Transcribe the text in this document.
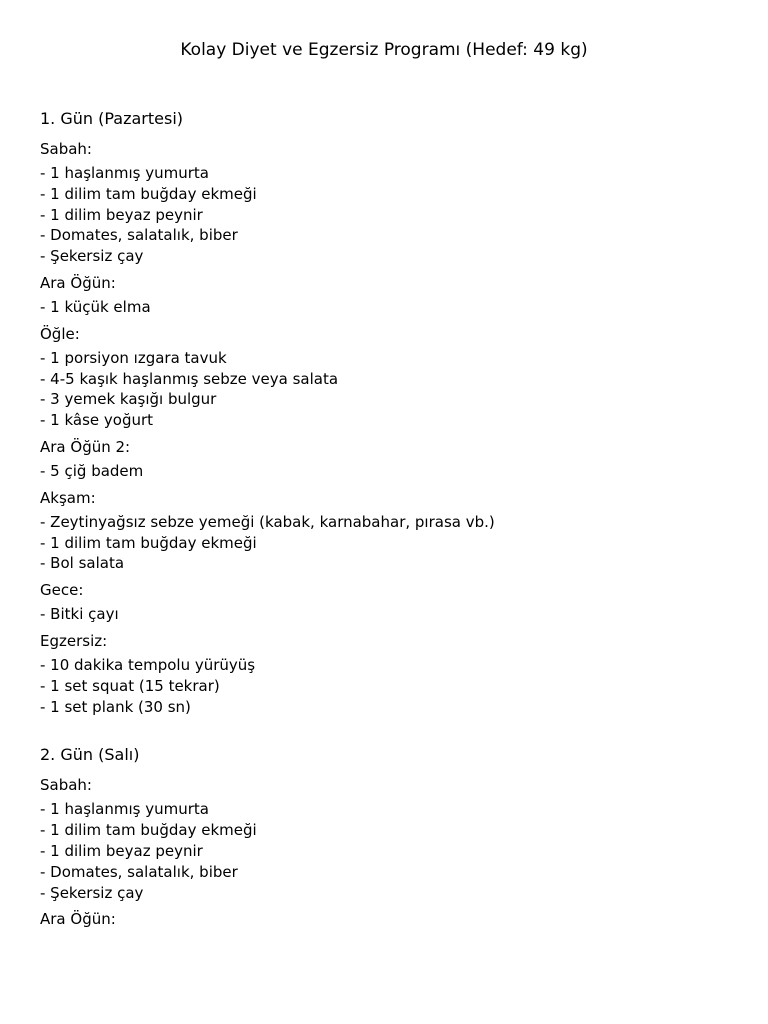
Kolay Diyet ve Egzersiz Programı (Hedef: 49 kg)
1. Gün (Pazartesi)
Sabah:
- 1 haşlanmış yumurta
- 1 dilim tam buğday ekmeği
- 1 dilim beyaz peynir
- Domates, salatalık, biber
- Şekersiz çay
Ara Öğün:
- 1 küçük elma
Öğle:
- 1 porsiyon ızgara tavuk
- 4-5 kaşık haşlanmış sebze veya salata
- 3 yemek kaşığı bulgur
- 1 kâse yoğurt
Ara Öğün 2:
- 5 çiğ badem
Akşam:
- Zeytinyağsız sebze yemeği (kabak, karnabahar, pırasa vb.)
- 1 dilim tam buğday ekmeği
- Bol salata
Gece:
- Bitki çayı
Egzersiz:
- 10 dakika tempolu yürüyüş
- 1 set squat (15 tekrar)
- 1 set plank (30 sn)
2. Gün (Salı)
Sabah:
- 1 haşlanmış yumurta
- 1 dilim tam buğday ekmeği
- 1 dilim beyaz peynir
- Domates, salatalık, biber
- Şekersiz çay
Ara Öğün:
